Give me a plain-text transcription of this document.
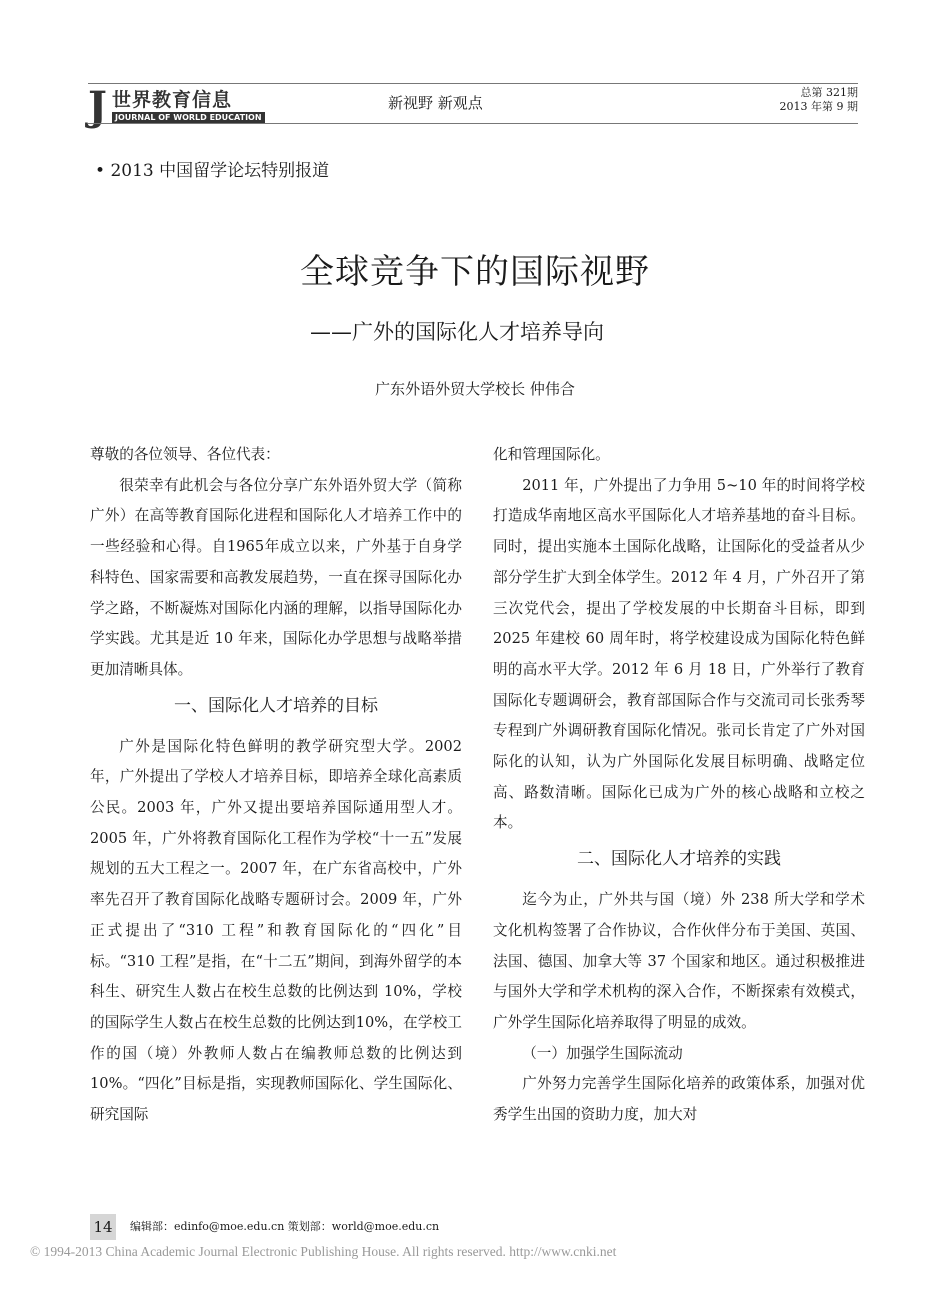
J 世界教育信息
JOURNAL OF WORLD EDUCATION
新视野 新观点
总第 321期
2013 年第 9 期
• 2013 中国留学论坛特别报道
全球竞争下的国际视野
——广外的国际化人才培养导向
广东外语外贸大学校长 仲伟合

尊敬的各位领导、各位代表：

很荣幸有此机会与各位分享广东外语外贸大学（简称广外）在高等教育国际化进程和国际化人才培养工作中的一些经验和心得。自1965年成立以来，广外基于自身学科特色、国家需要和高教发展趋势，一直在探寻国际化办学之路，不断凝炼对国际化内涵的理解，以指导国际化办学实践。尤其是近 10 年来，国际化办学思想与战略举措更加清晰具体。

一、国际化人才培养的目标

广外是国际化特色鲜明的教学研究型大学。2002 年，广外提出了学校人才培养目标，即培养全球化高素质公民。2003 年，广外又提出要培养国际通用型人才。2005 年，广外将教育国际化工程作为学校“十一五”发展规划的五大工程之一。2007 年，在广东省高校中，广外率先召开了教育国际化战略专题研讨会。2009 年，广外正式提出了“310 工程”和教育国际化的“四化”目标。“310 工程”是指，在“十二五”期间，到海外留学的本科生、研究生人数占在校生总数的比例达到 10%，学校的国际学生人数占在校生总数的比例达到10%，在学校工作的国（境）外教师人数占在编教师总数的比例达到 10%。“四化”目标是指，实现教师国际化、学生国际化、研究国际

化和管理国际化。

2011 年，广外提出了力争用 5~10 年的时间将学校打造成华南地区高水平国际化人才培养基地的奋斗目标。同时，提出实施本土国际化战略，让国际化的受益者从少部分学生扩大到全体学生。2012 年 4 月，广外召开了第三次党代会，提出了学校发展的中长期奋斗目标，即到 2025 年建校 60 周年时，将学校建设成为国际化特色鲜明的高水平大学。2012 年 6 月 18 日，广外举行了教育国际化专题调研会，教育部国际合作与交流司司长张秀琴专程到广外调研教育国际化情况。张司长肯定了广外对国际化的认知，认为广外国际化发展目标明确、战略定位高、路数清晰。国际化已成为广外的核心战略和立校之本。

二、国际化人才培养的实践

迄今为止，广外共与国（境）外 238 所大学和学术文化机构签署了合作协议，合作伙伴分布于美国、英国、法国、德国、加拿大等 37 个国家和地区。通过积极推进与国外大学和学术机构的深入合作，不断探索有效模式，广外学生国际化培养取得了明显的成效。

（一）加强学生国际流动

广外努力完善学生国际化培养的政策体系，加强对优秀学生出国的资助力度，加大对

14	编辑部：edinfo@moe.edu.cn 策划部：world@moe.edu.cn
© 1994-2013 China Academic Journal Electronic Publishing House. All rights reserved. http://www.cnki.net
